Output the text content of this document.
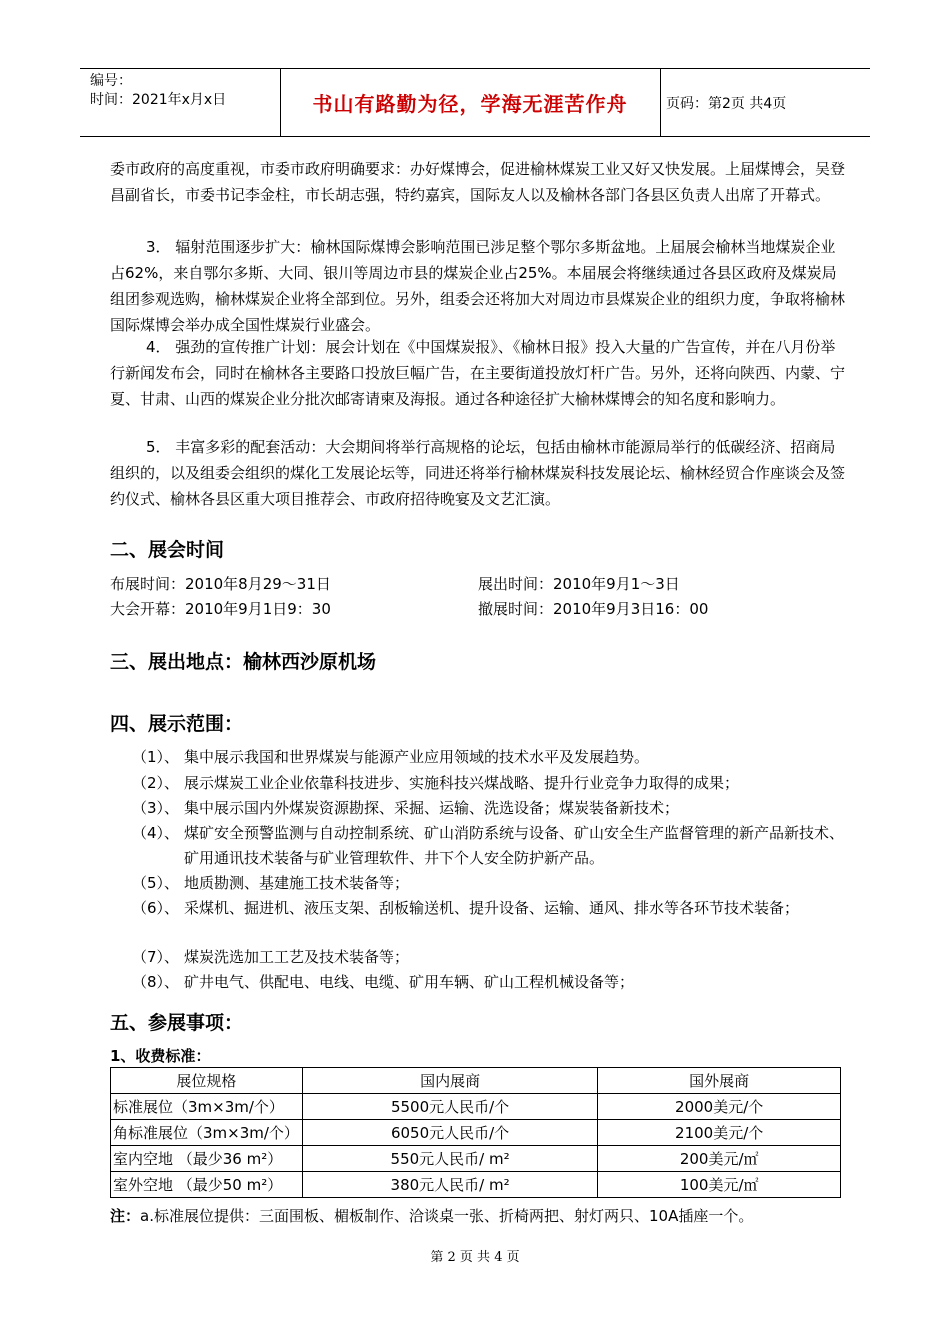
编号：
时间：2021年x月x日	书山有路勤为径，学海无涯苦作舟	页码：第2页 共4页

委市政府的高度重视，市委市政府明确要求：办好煤博会，促进榆林煤炭工业又好又快发展。上届煤博会，吴登昌副省长，市委书记李金柱，市长胡志强，特约嘉宾，国际友人以及榆林各部门各县区负责人出席了开幕式。

3． 辐射范围逐步扩大：榆林国际煤博会影响范围已涉足整个鄂尔多斯盆地。上届展会榆林当地煤炭企业占62%，来自鄂尔多斯、大同、银川等周边市县的煤炭企业占25%。本届展会将继续通过各县区政府及煤炭局组团参观选购，榆林煤炭企业将全部到位。另外，组委会还将加大对周边市县煤炭企业的组织力度，争取将榆林国际煤博会举办成全国性煤炭行业盛会。

4． 强劲的宣传推广计划：展会计划在《中国煤炭报》、《榆林日报》投入大量的广告宣传，并在八月份举行新闻发布会，同时在榆林各主要路口投放巨幅广告，在主要街道投放灯杆广告。另外，还将向陕西、内蒙、宁夏、甘肃、山西的煤炭企业分批次邮寄请柬及海报。通过各种途径扩大榆林煤博会的知名度和影响力。

5． 丰富多彩的配套活动：大会期间将举行高规格的论坛，包括由榆林市能源局举行的低碳经济、招商局组织的，以及组委会组织的煤化工发展论坛等，同进还将举行榆林煤炭科技发展论坛、榆林经贸合作座谈会及签约仪式、榆林各县区重大项目推荐会、市政府招待晚宴及文艺汇演。

二、展会时间
布展时间：2010年8月29～31日	展出时间：2010年9月1～3日
大会开幕：2010年9月1日9：30	撤展时间：2010年9月3日16：00
三、展出地点：榆林西沙原机场
四、展示范围：
（1）、 集中展示我国和世界煤炭与能源产业应用领域的技术水平及发展趋势。
（2）、 展示煤炭工业企业依靠科技进步、实施科技兴煤战略、提升行业竞争力取得的成果；
（3）、 集中展示国内外煤炭资源勘探、采掘、运输、洗选设备；煤炭装备新技术；
（4）、 煤矿安全预警监测与自动控制系统、矿山消防系统与设备、矿山安全生产监督管理的新产品新技术、矿用通讯技术装备与矿业管理软件、井下个人安全防护新产品。
（5）、 地质勘测、基建施工技术装备等；
（6）、 采煤机、掘进机、液压支架、刮板输送机、提升设备、运输、通风、排水等各环节技术装备；
（7）、 煤炭洗选加工工艺及技术装备等；
（8）、 矿井电气、供配电、电线、电缆、矿用车辆、矿山工程机械设备等；
五、参展事项：
1、收费标准：
展位规格	国内展商	国外展商
标准展位（3m×3m/个）	5500元人民币/个	2000美元/个
角标准展位（3m×3m/个）	6050元人民币/个	2100美元/个
室内空地 （最少36 m²）	550元人民币/ m²	200美元/㎡
室外空地 （最少50 m²）	380元人民币/ m²	100美元/㎡
注：a.标准展位提供：三面围板、楣板制作、洽谈桌一张、折椅两把、射灯两只、10A插座一个。
第 2 页 共 4 页
